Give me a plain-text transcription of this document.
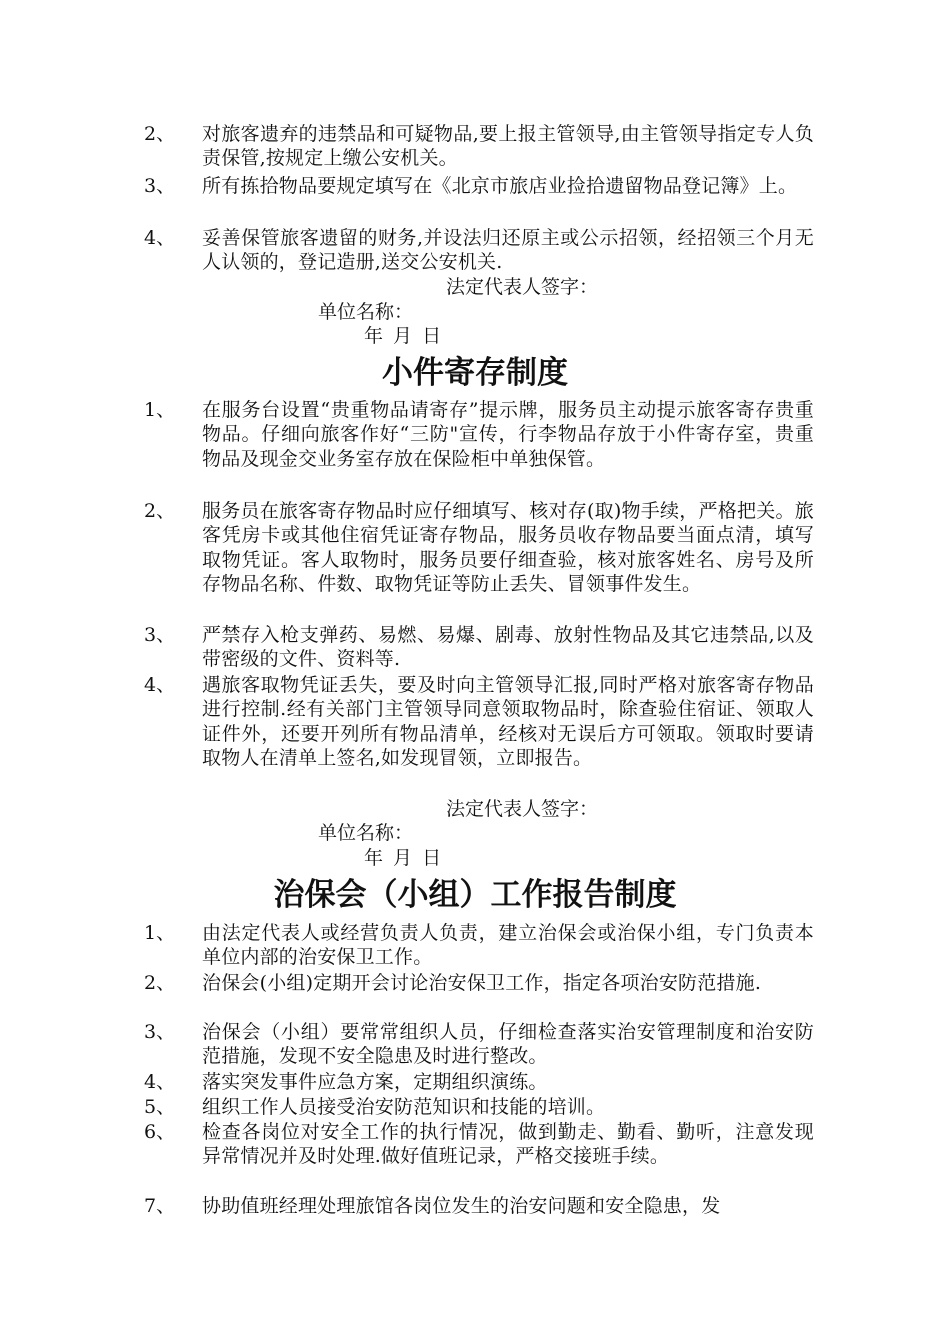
2、	对旅客遗弃的违禁品和可疑物品,要上报主管领导,由主管领导指定专人负责保管,按规定上缴公安机关。
3、	所有拣拾物品要规定填写在《北京市旅店业捡拾遗留物品登记簿》上。
4、	妥善保管旅客遗留的财务,并设法归还原主或公示招领，经招领三个月无人认领的，登记造册,送交公安机关.
法定代表人签字：
单位名称：
年 月 日
小件寄存制度
1、	在服务台设置“贵重物品请寄存”提示牌，服务员主动提示旅客寄存贵重物品。仔细向旅客作好“三防"宣传，行李物品存放于小件寄存室，贵重物品及现金交业务室存放在保险柜中单独保管。
2、	服务员在旅客寄存物品时应仔细填写、核对存(取)物手续，严格把关。旅客凭房卡或其他住宿凭证寄存物品，服务员收存物品要当面点清，填写取物凭证。客人取物时，服务员要仔细查验，核对旅客姓名、房号及所存物品名称、件数、取物凭证等防止丢失、冒领事件发生。
3、	严禁存入枪支弹药、易燃、易爆、剧毒、放射性物品及其它违禁品,以及带密级的文件、资料等.
4、	遇旅客取物凭证丢失，要及时向主管领导汇报,同时严格对旅客寄存物品进行控制.经有关部门主管领导同意领取物品时，除查验住宿证、领取人证件外，还要开列所有物品清单，经核对无误后方可领取。领取时要请取物人在清单上签名,如发现冒领，立即报告。
法定代表人签字：
单位名称：
年 月 日
治保会（小组）工作报告制度
1、	由法定代表人或经营负责人负责，建立治保会或治保小组，专门负责本单位内部的治安保卫工作。
2、	治保会(小组)定期开会讨论治安保卫工作，指定各项治安防范措施.
3、	治保会（小组）要常常组织人员，仔细检查落实治安管理制度和治安防范措施，发现不安全隐患及时进行整改。
4、	落实突发事件应急方案，定期组织演练。
5、	组织工作人员接受治安防范知识和技能的培训。
6、	检查各岗位对安全工作的执行情况，做到勤走、勤看、勤听，注意发现异常情况并及时处理.做好值班记录，严格交接班手续。
7、	协助值班经理处理旅馆各岗位发生的治安问题和安全隐患，发
